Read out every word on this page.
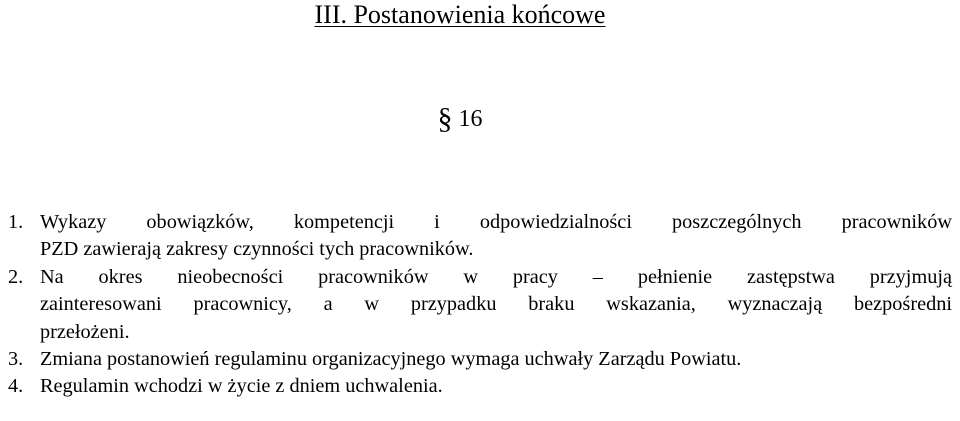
III. Postanowienia końcowe
§ 16
1. Wykazy obowiązków, kompetencji i odpowiedzialności poszczególnych pracowników
PZD zawierają zakresy czynności tych pracowników.
2. Na okres nieobecności pracowników w pracy – pełnienie zastępstwa przyjmują
zainteresowani pracownicy, a w przypadku braku wskazania, wyznaczają bezpośredni
przełożeni.
3. Zmiana postanowień regulaminu organizacyjnego wymaga uchwały Zarządu Powiatu.
4. Regulamin wchodzi w życie z dniem uchwalenia.
